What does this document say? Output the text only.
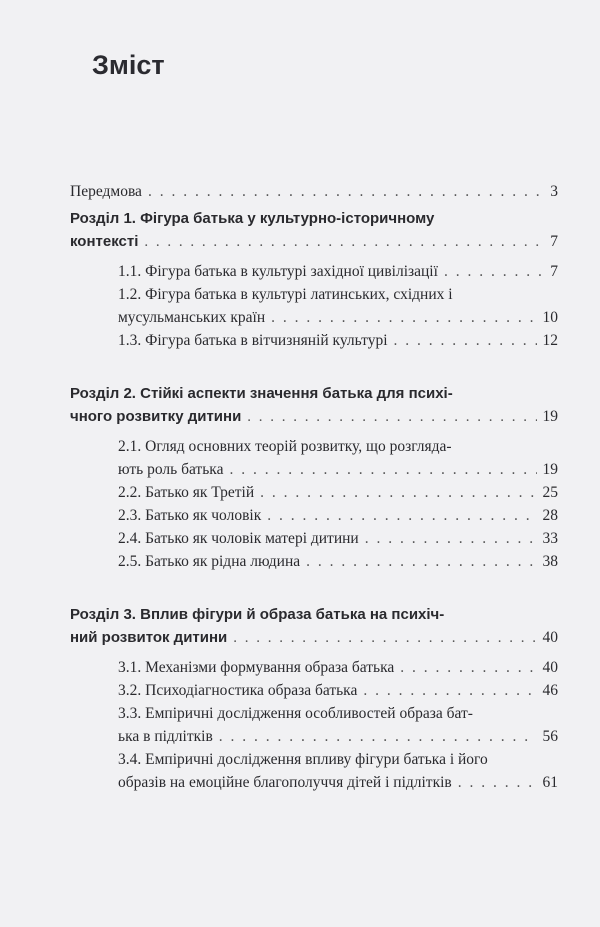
Зміст
Передмова . . .	3
Розділ 1. Фігура батька у культурно-історичному
контексті . . .	7
1.1. Фігура батька в культурі західної цивілізації . . .	7
1.2. Фігура батька в культурі латинських, східних і
мусульманських країн . . .	10
1.3. Фігура батька в вітчизняній культурі . . .	12
Розділ 2. Стійкі аспекти значення батька для психі-
чного розвитку дитини . . .	19
2.1. Огляд основних теорій розвитку, що розгляда-
ють роль батька . . .	19
2.2. Батько як Третій . . .	25
2.3. Батько як чоловік . . .	28
2.4. Батько як чоловік матері дитини . . .	33
2.5. Батько як рідна людина . . .	38
Розділ 3. Вплив фігури й образа батька на психіч-
ний розвиток дитини . . .	40
3.1. Механізми формування образа батька . . .	40
3.2. Психодіагностика образа батька . . .	46
3.3. Емпіричні дослідження особливостей образа бат-
ька в підлітків . . .	56
3.4. Емпіричні дослідження впливу фігури батька і його
образів на емоційне благополуччя дітей і підлітків . . .	61
